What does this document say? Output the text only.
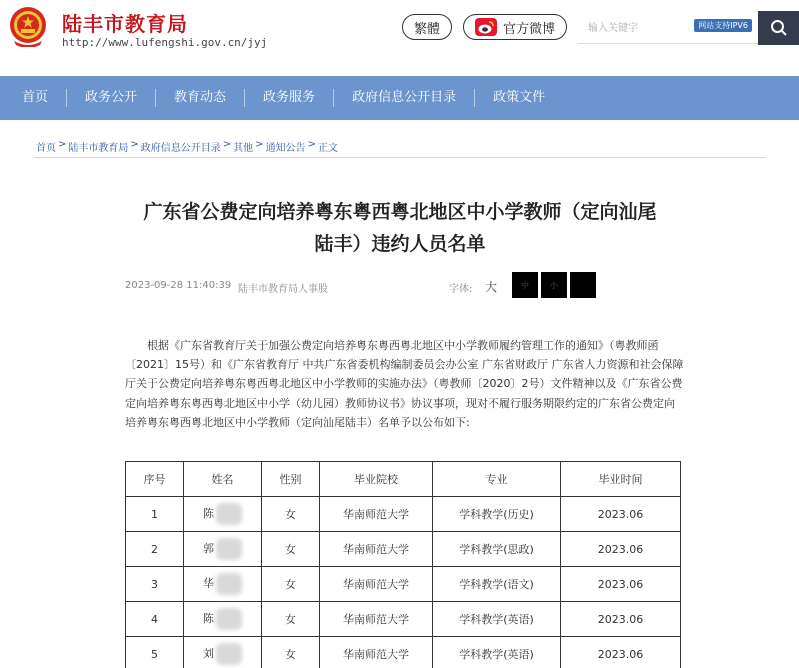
陆丰市教育局
http://www.lufengshi.gov.cn/jyj
繁體	官方微博
输入关键字	网站支持IPV6
首页	政务公开	教育动态	政务服务	政府信息公开目录	政策文件
首页 > 陆丰市教育局 > 政府信息公开目录 > 其他 > 通知公告 > 正文
广东省公费定向培养粤东粤西粤北地区中小学教师（定向汕尾
陆丰）违约人员名单
2023-09-28 11:40:39 陆丰市教育局人事股	字体: 大	中	小
根据《广东省教育厅关于加强公费定向培养粤东粤西粤北地区中小学教师履约管理工作的通知》（粤教师函〔2021〕15号）和《广东省教育厅 中共广东省委机构编制委员会办公室 广东省财政厅 广东省人力资源和社会保障厅关于公费定向培养粤东粤西粤北地区中小学教师的实施办法》（粤教师〔2020〕2号）文件精神以及《广东省公费定向培养粤东粤西粤北地区中小学（幼儿园）教师协议书》协议事项，现对不履行服务期限约定的广东省公费定向培养粤东粤西粤北地区中小学教师（定向汕尾陆丰）名单予以公布如下:
序号	姓名	性别	毕业院校	专业	毕业时间
1	陈	女	华南师范大学	学科教学(历史)	2023.06
2	郭	女	华南师范大学	学科教学(思政)	2023.06
3	华	女	华南师范大学	学科教学(语文)	2023.06
4	陈	女	华南师范大学	学科教学(英语)	2023.06
5	刘	女	华南师范大学	学科教学(英语)	2023.06
